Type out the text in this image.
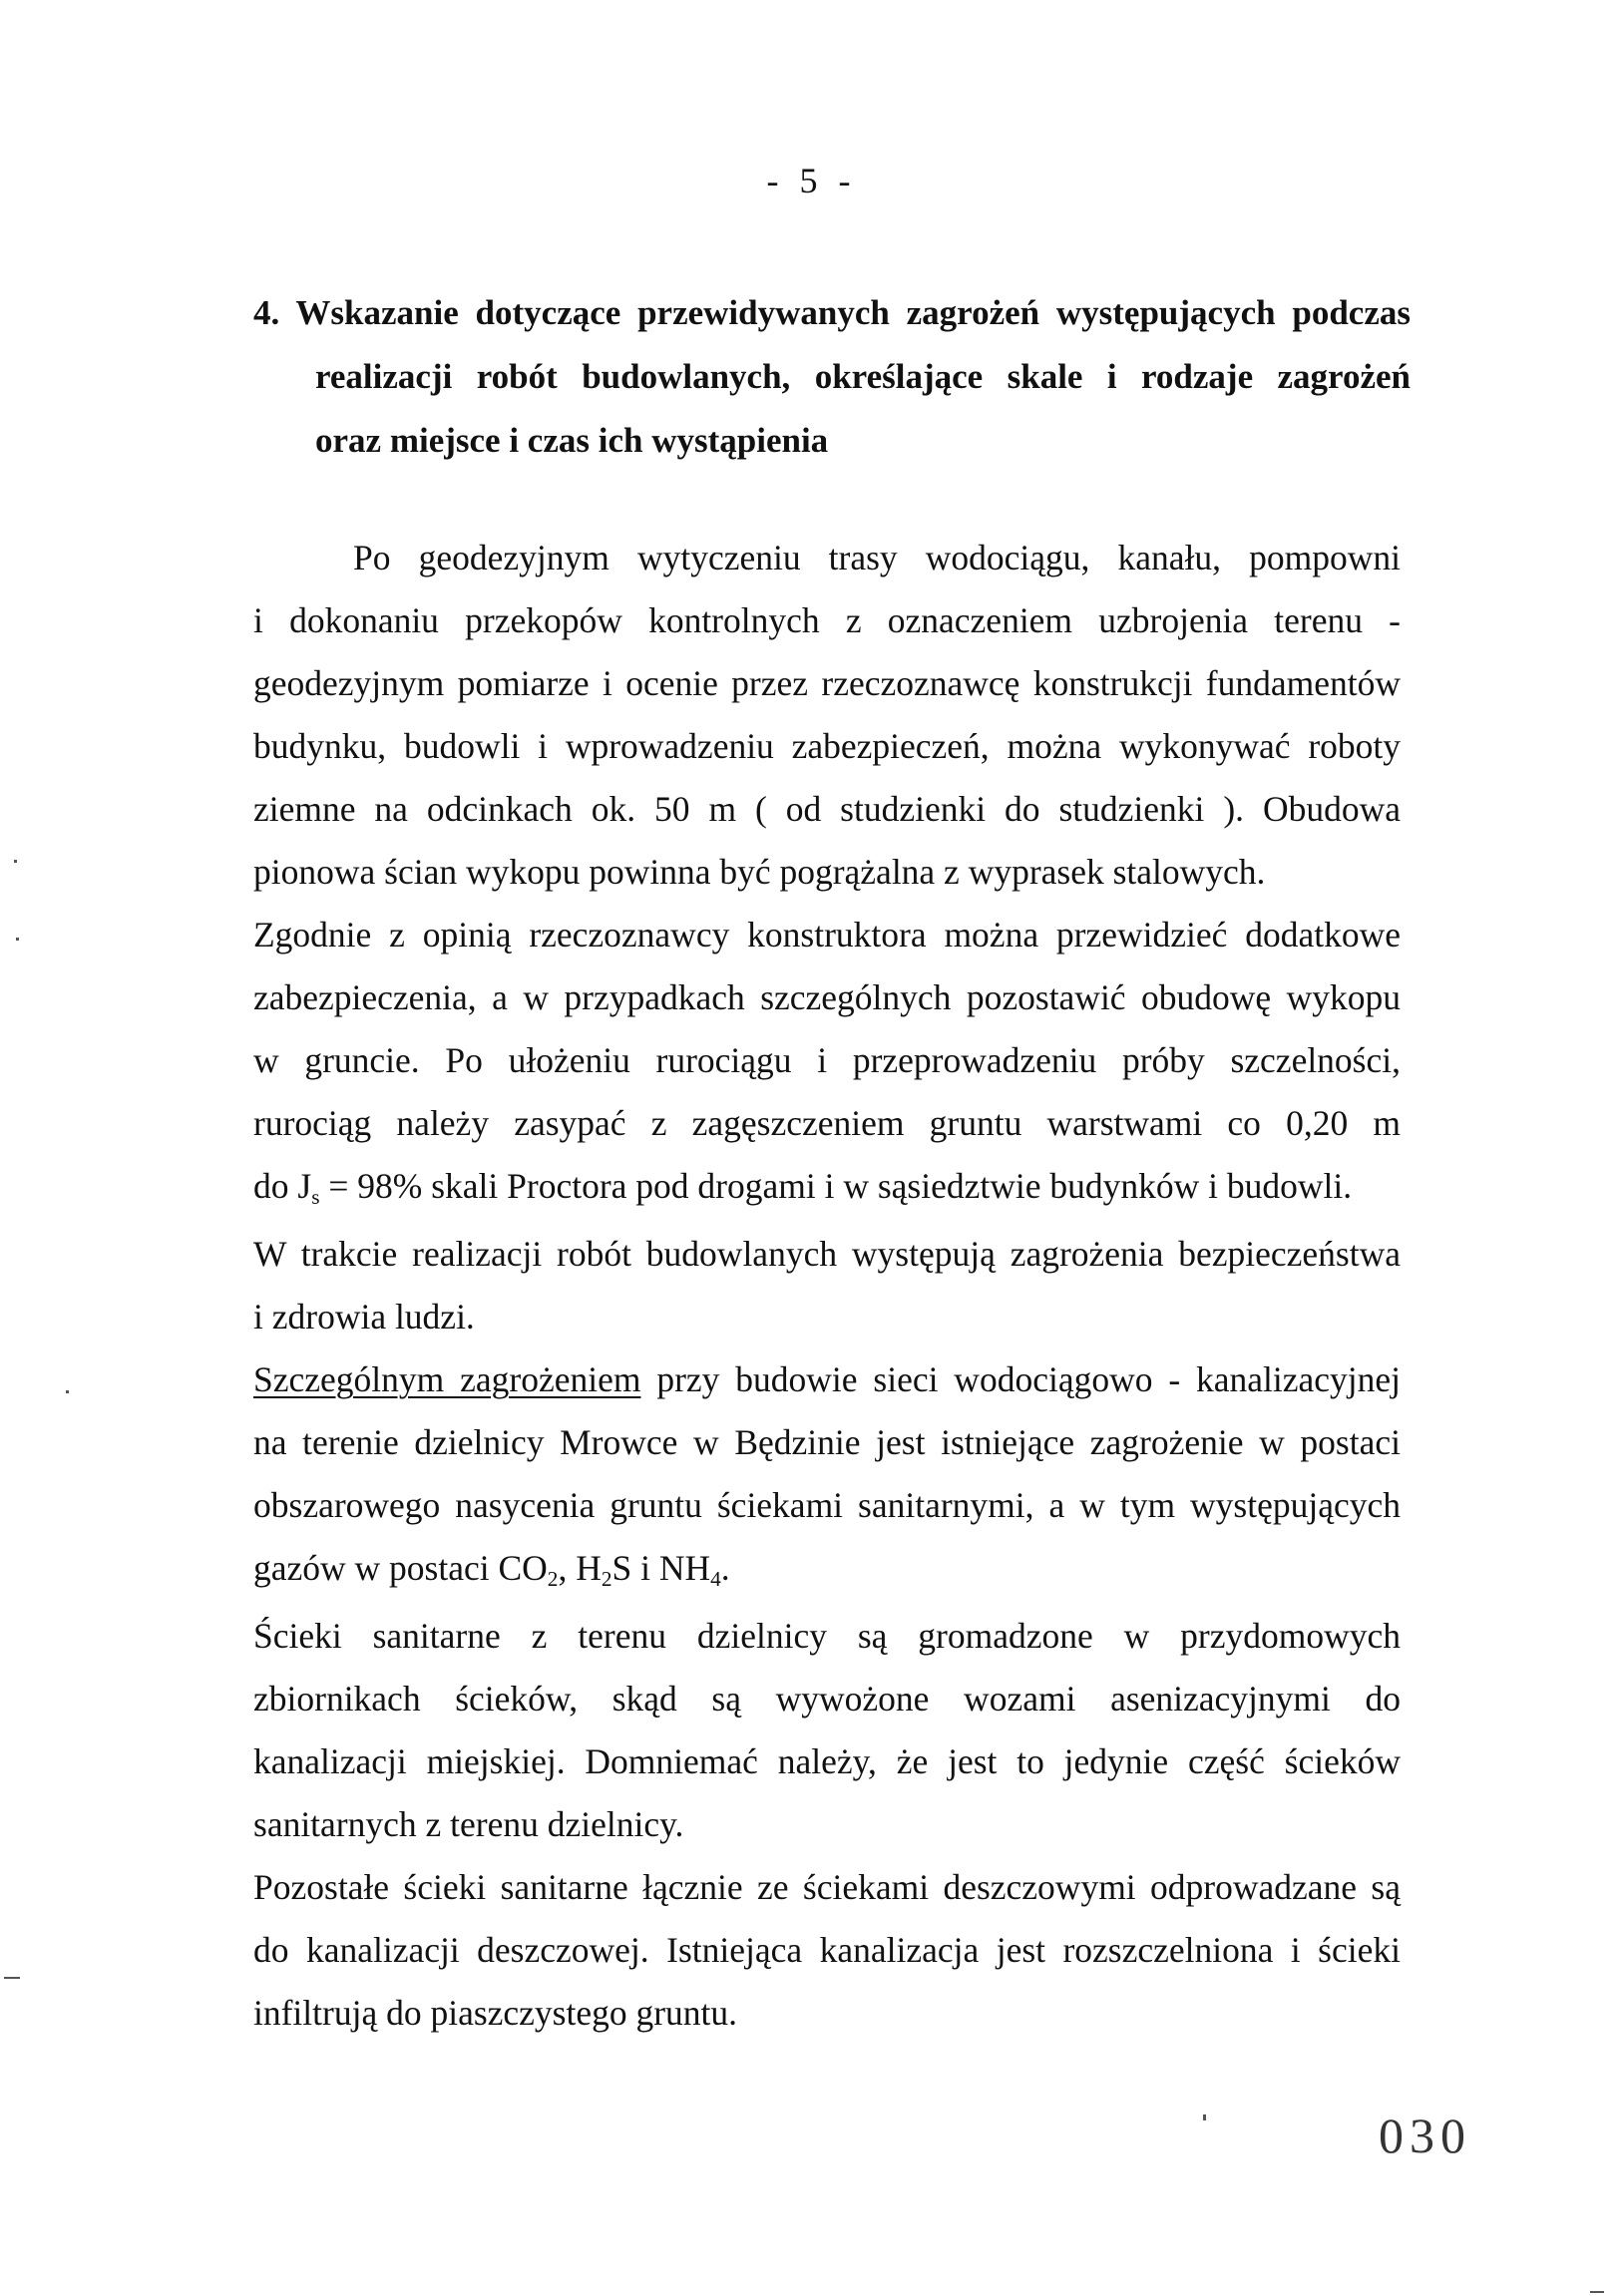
- 5 -
4. Wskazanie dotyczące przewidywanych zagrożeń występujących podczas
realizacji robót budowlanych, określające skale i rodzaje zagrożeń
oraz miejsce i czas ich wystąpienia
Po geodezyjnym wytyczeniu trasy wodociągu, kanału, pompowni
i dokonaniu przekopów kontrolnych z oznaczeniem uzbrojenia terenu -
geodezyjnym pomiarze i ocenie przez rzeczoznawcę konstrukcji fundamentów
budynku, budowli i wprowadzeniu zabezpieczeń, można wykonywać roboty
ziemne na odcinkach ok. 50 m ( od studzienki do studzienki ). Obudowa
pionowa ścian wykopu powinna być pogrążalna z wyprasek stalowych.
Zgodnie z opinią rzeczoznawcy konstruktora można przewidzieć dodatkowe
zabezpieczenia, a w przypadkach szczególnych pozostawić obudowę wykopu
w gruncie. Po ułożeniu rurociągu i przeprowadzeniu próby szczelności,
rurociąg należy zasypać z zagęszczeniem gruntu warstwami co 0,20 m
do $J_s = 98\%$ skali Proctora pod drogami i w sąsiedztwie budynków i budowli.
W trakcie realizacji robót budowlanych występują zagrożenia bezpieczeństwa
i zdrowia ludzi.
Szczególnym zagrożeniem przy budowie sieci wodociągowo - kanalizacyjnej
na terenie dzielnicy Mrowce w Będzinie jest istniejące zagrożenie w postaci
obszarowego nasycenia gruntu ściekami sanitarnymi, a w tym występujących
gazów w postaci $CO_2$, $H_2S$ i $NH_4$.
Ścieki sanitarne z terenu dzielnicy są gromadzone w przydomowych
zbiornikach ścieków, skąd są wywożone wozami asenizacyjnymi do
kanalizacji miejskiej. Domniemać należy, że jest to jedynie część ścieków
sanitarnych z terenu dzielnicy.
Pozostałe ścieki sanitarne łącznie ze ściekami deszczowymi odprowadzane są
do kanalizacji deszczowej. Istniejąca kanalizacja jest rozszczelniona i ścieki
infiltrują do piaszczystego gruntu.
030
